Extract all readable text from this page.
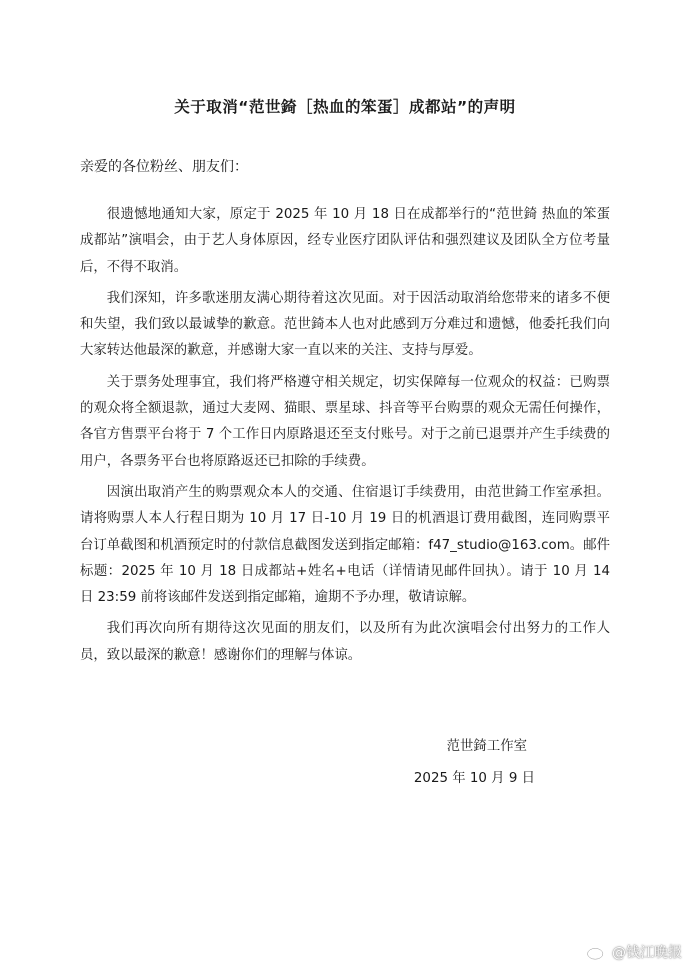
关于取消“范世錡［热血的笨蛋］成都站”的声明
亲爱的各位粉丝、朋友们：

很遗憾地通知大家，原定于 2025 年 10 月 18 日在成都举行的“范世錡 热血的笨蛋成都站”演唱会，由于艺人身体原因，经专业医疗团队评估和强烈建议及团队全方位考量后，不得不取消。

我们深知，许多歌迷朋友满心期待着这次见面。对于因活动取消给您带来的诸多不便和失望，我们致以最诚挚的歉意。范世錡本人也对此感到万分难过和遗憾，他委托我们向大家转达他最深的歉意，并感谢大家一直以来的关注、支持与厚爱。

关于票务处理事宜，我们将严格遵守相关规定，切实保障每一位观众的权益：已购票的观众将全额退款，通过大麦网、猫眼、票星球、抖音等平台购票的观众无需任何操作，各官方售票平台将于 7 个工作日内原路退还至支付账号。对于之前已退票并产生手续费的用户，各票务平台也将原路返还已扣除的手续费。

因演出取消产生的购票观众本人的交通、住宿退订手续费用，由范世錡工作室承担。请将购票人本人行程日期为 10 月 17 日-10 月 19 日的机酒退订费用截图，连同购票平台订单截图和机酒预定时的付款信息截图发送到指定邮箱：f47_studio@163.com。邮件标题：2025 年 10 月 18 日成都站+姓名+电话（详情请见邮件回执）。请于 10 月 14 日 23:59 前将该邮件发送到指定邮箱，逾期不予办理，敬请谅解。

我们再次向所有期待这次见面的朋友们，以及所有为此次演唱会付出努力的工作人员，致以最深的歉意！感谢你们的理解与体谅。

范世錡工作室
2025 年 10 月 9 日
@钱江晚报
